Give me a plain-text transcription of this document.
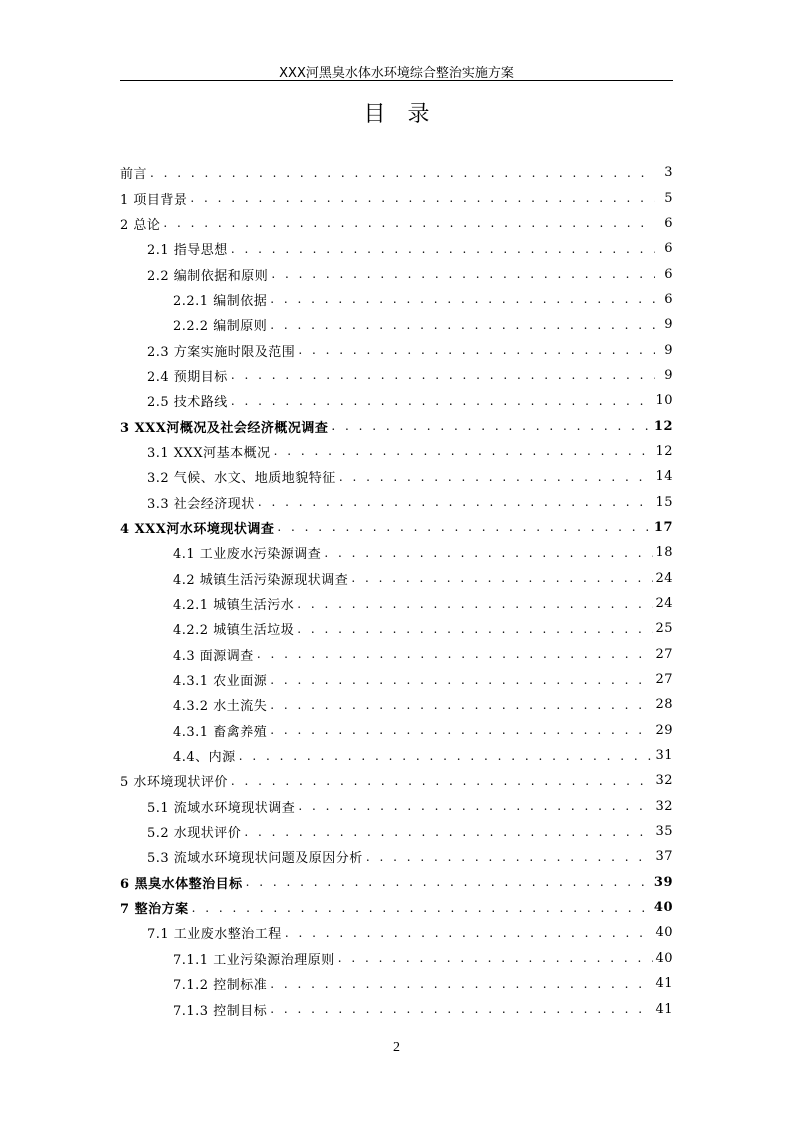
XXX河黑臭水体水环境综合整治实施方案
目录
前言 . . .	3
1 项目背景 . . .	5
2 总论 . . .	6
2.1 指导思想 . . .	6
2.2 编制依据和原则 . . .	6
2.2.1 编制依据 . . .	6
2.2.2 编制原则 . . .	9
2.3 方案实施时限及范围 . . .	9
2.4 预期目标 . . .	9
2.5 技术路线 . . .	10
3 XXX河概况及社会经济概况调查 . . .	12
3.1 XXX河基本概况 . . .	12
3.2 气候、水文、地质地貌特征 . . .	14
3.3 社会经济现状 . . .	15
4 XXX河水环境现状调查 . . .	17
4.1 工业废水污染源调查 . . .	18
4.2 城镇生活污染源现状调查 . . .	24
4.2.1 城镇生活污水 . . .	24
4.2.2 城镇生活垃圾 . . .	25
4.3 面源调查 . . .	27
4.3.1 农业面源 . . .	27
4.3.2 水土流失 . . .	28
4.3.1 畜禽养殖 . . .	29
4.4、内源 . . .	31
5 水环境现状评价 . . .	32
5.1 流域水环境现状调查 . . .	32
5.2 水现状评价 . . .	35
5.3 流域水环境现状问题及原因分析 . . .	37
6 黑臭水体整治目标 . . .	39
7 整治方案 . . .	40
7.1 工业废水整治工程 . . .	40
7.1.1 工业污染源治理原则 . . .	40
7.1.2 控制标准 . . .	41
7.1.3 控制目标 . . .	41
2
